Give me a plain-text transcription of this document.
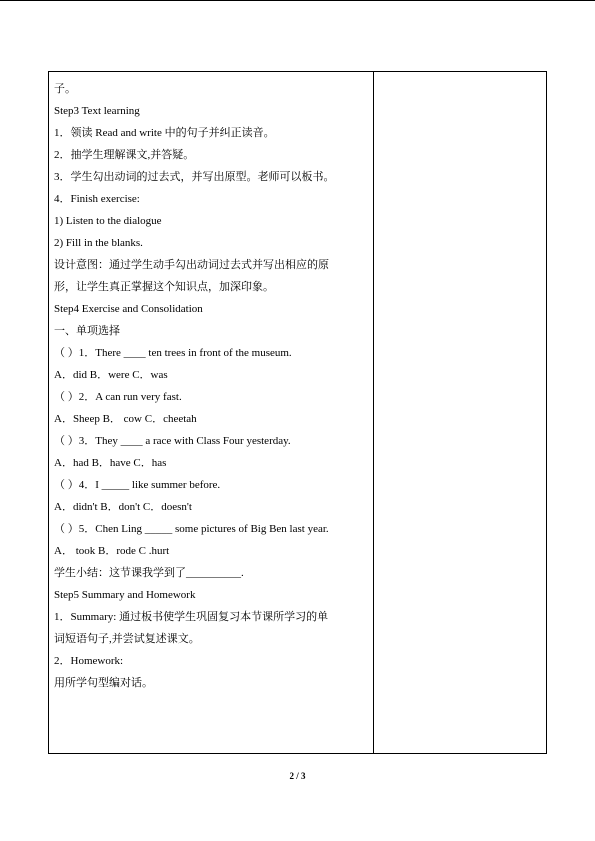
子。
Step3 Text learning
1．领读 Read and write 中的句子并纠正读音。
2．抽学生理解课文,并答疑。
3．学生勾出动词的过去式，并写出原型。老师可以板书。
4．Finish exercise:
1) Listen to the dialogue
2) Fill in the blanks.
设计意图：通过学生动手勾出动词过去式并写出相应的原
形，让学生真正掌握这个知识点，加深印象。
Step4 Exercise and Consolidation
一、单项选择
（ ）1．There ____ ten trees in front of the museum.
A．did B．were C．was
（ ）2．A can run very fast.
A．Sheep B． cow C．cheetah
（ ）3．They ____ a race with Class Four yesterday.
A．had B．have C．has
（ ）4．I _____ like summer before.
A．didn't B．don't C．doesn't
（ ）5．Chen Ling _____ some pictures of Big Ben last year.
A． took B．rode C .hurt
学生小结：这节课我学到了__________.
Step5 Summary and Homework
1．Summary: 通过板书使学生巩固复习本节课所学习的单
词短语句子,并尝试复述课文。
2．Homework:
用所学句型编对话。
2 / 3
